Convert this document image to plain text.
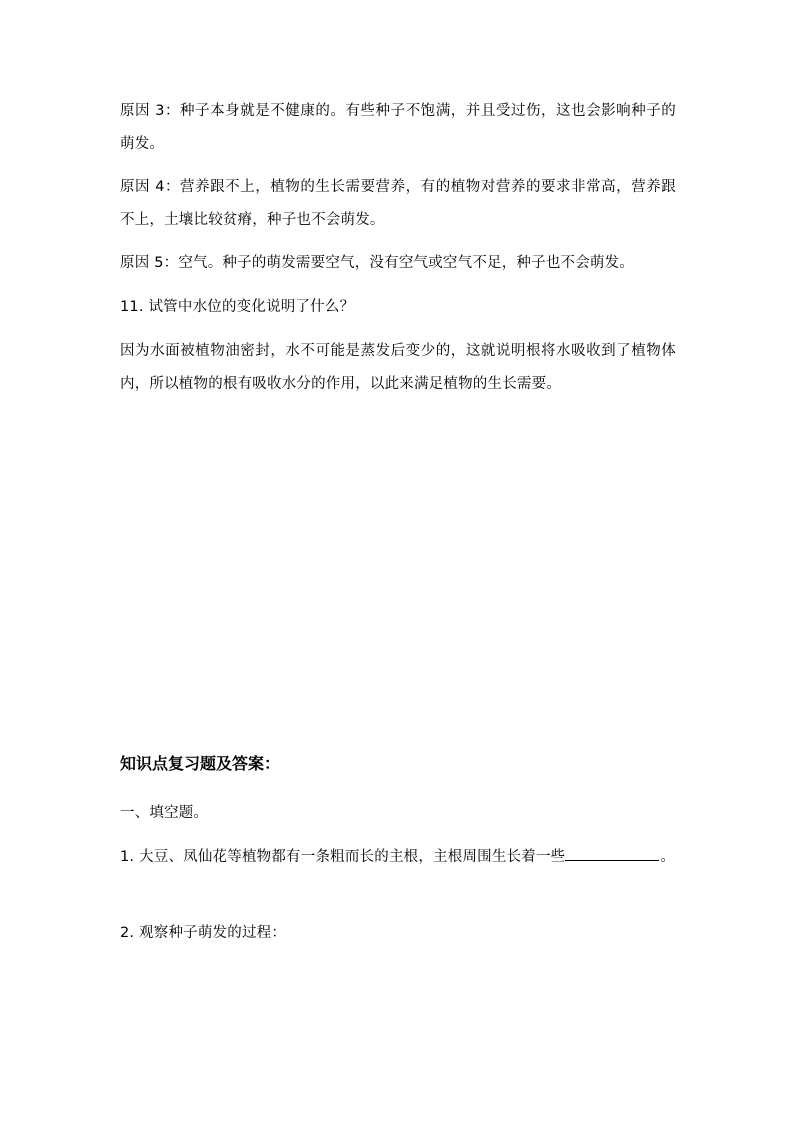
原因 3：种子本身就是不健康的。有些种子不饱满，并且受过伤，这也会影响种子的萌发。

原因 4：营养跟不上，植物的生长需要营养，有的植物对营养的要求非常高，营养跟不上，土壤比较贫瘠，种子也不会萌发。

原因 5：空气。种子的萌发需要空气，没有空气或空气不足，种子也不会萌发。

11. 试管中水位的变化说明了什么？

因为水面被植物油密封，水不可能是蒸发后变少的，这就说明根将水吸收到了植物体内，所以植物的根有吸收水分的作用，以此来满足植物的生长需要。

知识点复习题及答案：

一、填空题。

1. 大豆、凤仙花等植物都有一条粗而长的主根，主根周围生长着一些	。

2. 观察种子萌发的过程：
